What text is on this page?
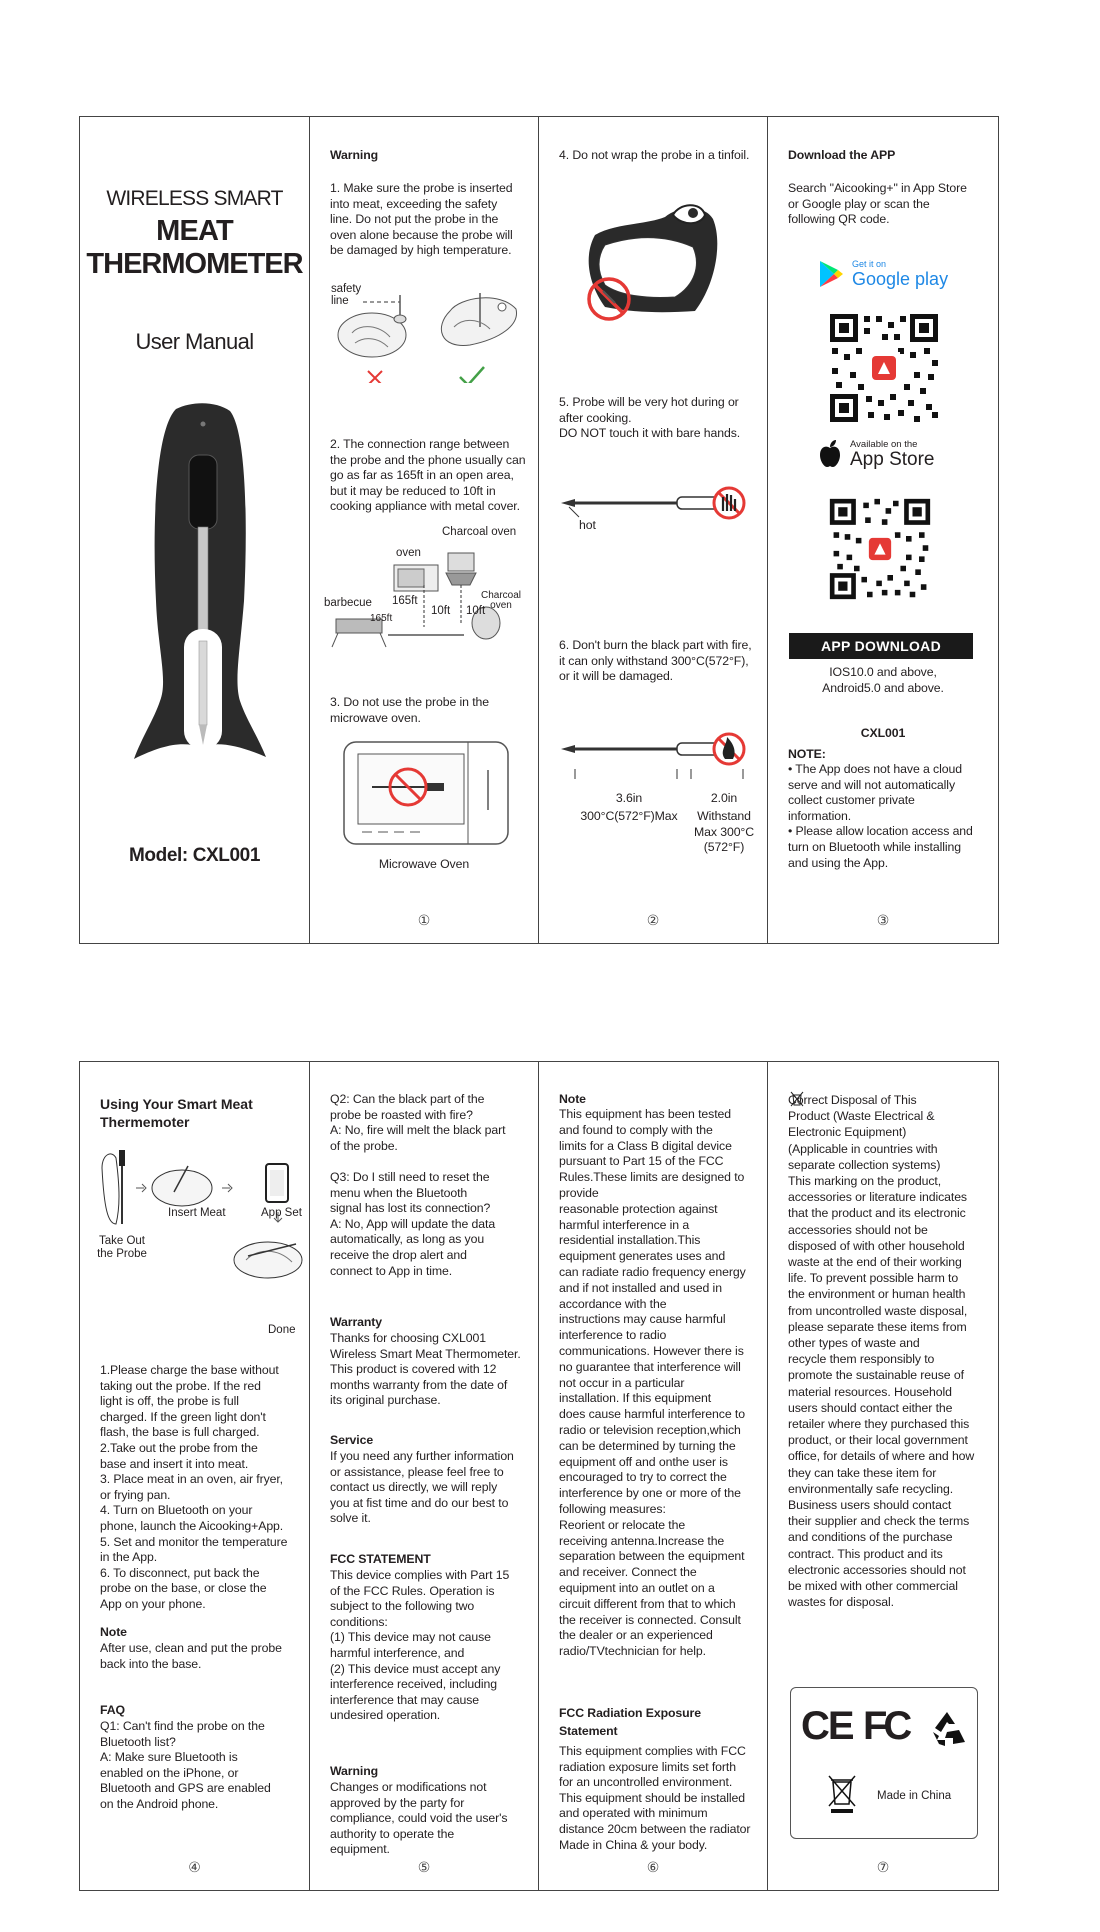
WIRELESS SMART
MEAT
THERMOMETER
User Manual
Model: CXL001
Warning
1. Make sure the probe is inserted
into meat, exceeding the safety
line. Do not put the probe in the
oven alone because the probe will
be damaged by high temperature.
safety
line
2. The connection range between
the probe and the phone usually can
go as far as 165ft in an open area,
but it may be reduced to 10ft in
cooking appliance with metal cover.
oven
Charcoal oven
Charcoal oven
barbecue 165ft
165ft
10ft 10ft
3. Do not use the probe in the
microwave oven.
Microwave Oven
①
4. Do not wrap the probe in a tinfoil.
5. Probe will be very hot during or
after cooking.
DO NOT touch it with bare hands.
hot
6. Don't burn the black part with fire,
it can only withstand 300°C(572°F),
or it will be damaged.
3.6in
300°C(572°F)Max
2.0in
Withstand
Max 300°C
(572°F)
②
Download the APP
Search "Aicooking+" in App Store
or Google play or scan the
following QR code.
Get it on
Google play
Available on the
App Store
APP DOWNLOAD
IOS10.0 and above,
Android5.0 and above.
CXL001
NOTE:
• The App does not have a cloud
serve and will not automatically
collect customer private
information.
• Please allow location access and
turn on Bluetooth while installing
and using the App.
③
Using Your Smart Meat
Thermemoter
Take Out
the Probe
Insert Meat	App Set
Done
1.Please charge the base without
taking out the probe. If the red
light is off, the probe is full
charged. If the green light don't
flash, the base is full charged.
2.Take out the probe from the
base and insert it into meat.
3. Place meat in an oven, air fryer,
or frying pan.
4. Turn on Bluetooth on your
phone, launch the Aicooking+App.
5. Set and monitor the temperature
in the App.
6. To disconnect, put back the
probe on the base, or close the
App on your phone.
Note
After use, clean and put the probe
back into the base.
FAQ
Q1: Can't find the probe on the
Bluetooth list?
A: Make sure Bluetooth is
enabled on the iPhone, or
Bluetooth and GPS are enabled
on the Android phone.
④
Q2: Can the black part of the
probe be roasted with fire?
A: No, fire will melt the black part
of the probe.

Q3: Do I still need to reset the
menu when the Bluetooth
signal has lost its connection?
A: No, App will update the data
automatically, as long as you
receive the drop alert and
connect to App in time.
Warranty
Thanks for choosing CXL001
Wireless Smart Meat Thermometer.
This product is covered with 12
months warranty from the date of
its original purchase.
Service
If you need any further information
or assistance, please feel free to
contact us directly, we will reply
you at fist time and do our best to
solve it.
FCC STATEMENT
This device complies with Part 15
of the FCC Rules. Operation is
subject to the following two
conditions:
(1) This device may not cause
harmful interference, and
(2) This device must accept any
interference received, including
interference that may cause
undesired operation.
Warning
Changes or modifications not
approved by the party for
compliance, could void the user's
authority to operate the
equipment.
⑤
Note
This equipment has been tested
and found to comply with the
limits for a Class B digital device
pursuant to Part 15 of the FCC
Rules.These limits are designed to
provide
reasonable protection against
harmful interference in a
residential installation.This
equipment generates uses and
can radiate radio frequency energy
and if not installed and used in
accordance with the
instructions may cause harmful
interference to radio
communications. However there is
no guarantee that interference will
not occur in a particular
installation. If this equipment
does cause harmful interference to
radio or television reception,which
can be determined by turning the
equipment off and onthe user is
encouraged to try to correct the
interference by one or more of the
following measures:
Reorient or relocate the
receiving antenna.Increase the
separation between the equipment
and receiver. Connect the
equipment into an outlet on a
circuit different from that to which
the receiver is connected. Consult
the dealer or an experienced
radio/TVtechnician for help.
FCC Radiation Exposure
Statement
This equipment complies with FCC
radiation exposure limits set forth
for an uncontrolled environment.
This equipment should be installed
and operated with minimum
distance 20cm between the radiator
Made in China & your body.
⑥
Correct Disposal of This
Product (Waste Electrical &
Electronic Equipment)
(Applicable in countries with
separate collection systems)
This marking on the product,
accessories or literature indicates
that the product and its electronic
accessories should not be
disposed of with other household
waste at the end of their working
life. To prevent possible harm to
the environment or human health
from uncontrolled waste disposal,
please separate these items from
other types of waste and
recycle them responsibly to
promote the sustainable reuse of
material resources. Household
users should contact either the
retailer where they purchased this
product, or their local government
office, for details of where and how
they can take these item for
environmentally safe recycling.
Business users should contact
their supplier and check the terms
and conditions of the purchase
contract. This product and its
electronic accessories should not
be mixed with other commercial
wastes for disposal.
CE FC
Made in China
⑦
